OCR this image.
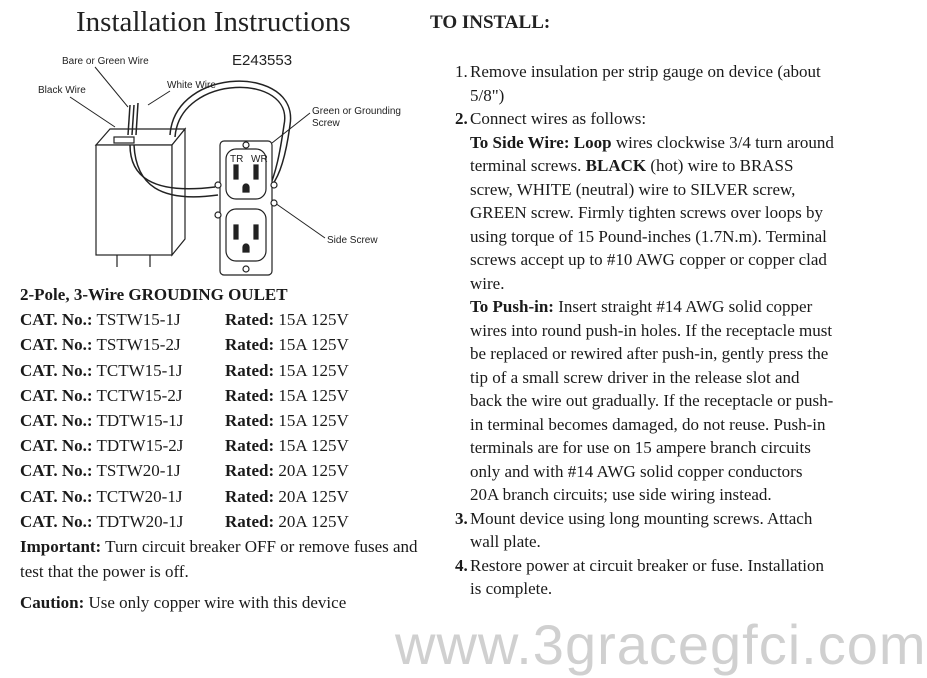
Installation Instructions	TO INSTALL:
E243553
Bare or Green Wire
White Wire
Black Wire
Green or Grounding
Screw
Side Screw
TR WR
2-Pole, 3-Wire GROUDING OULET
CAT. No.: TSTW15-1J	Rated: 15A 125V
CAT. No.: TSTW15-2J	Rated: 15A 125V
CAT. No.: TCTW15-1J	Rated: 15A 125V
CAT. No.: TCTW15-2J	Rated: 15A 125V
CAT. No.: TDTW15-1J Rated: 15A 125V
CAT. No.: TDTW15-2J Rated: 15A 125V
CAT. No.: TSTW20-1J	Rated: 20A 125V
CAT. No.: TCTW20-1J	Rated: 20A 125V
CAT. No.: TDTW20-1J Rated: 20A 125V
Important: Turn circuit breaker OFF or remove fuses and test that the power is off.
Caution: Use only copper wire with this device
1. Remove insulation per strip gauge on device (about 5/8")
2. Connect wires as follows:

To Side Wire: Loop wires clockwise 3/4 turn around terminal screws. BLACK (hot) wire to BRASS screw, WHITE (neutral) wire to SILVER screw, GREEN screw. Firmly tighten screws over loops by using torque of 15 Pound-inches (1.7N.m). Terminal screws accept up to #10 AWG copper or copper clad wire.

To Push-in: Insert straight #14 AWG solid copper wires into round push-in holes. If the receptacle must be replaced or rewired after push-in, gently press the tip of a small screw driver in the release slot and back the wire out gradually. If the receptacle or push-in terminal becomes damaged, do not reuse. Push-in terminals are for use on 15 ampere branch circuits only and with #14 AWG solid copper conductors 20A branch circuits; use side wiring instead.

3. Mount device using long mounting screws. Attach wall plate.
4. Restore power at circuit breaker or fuse. Installation is complete.
www.3gracegfci.com
